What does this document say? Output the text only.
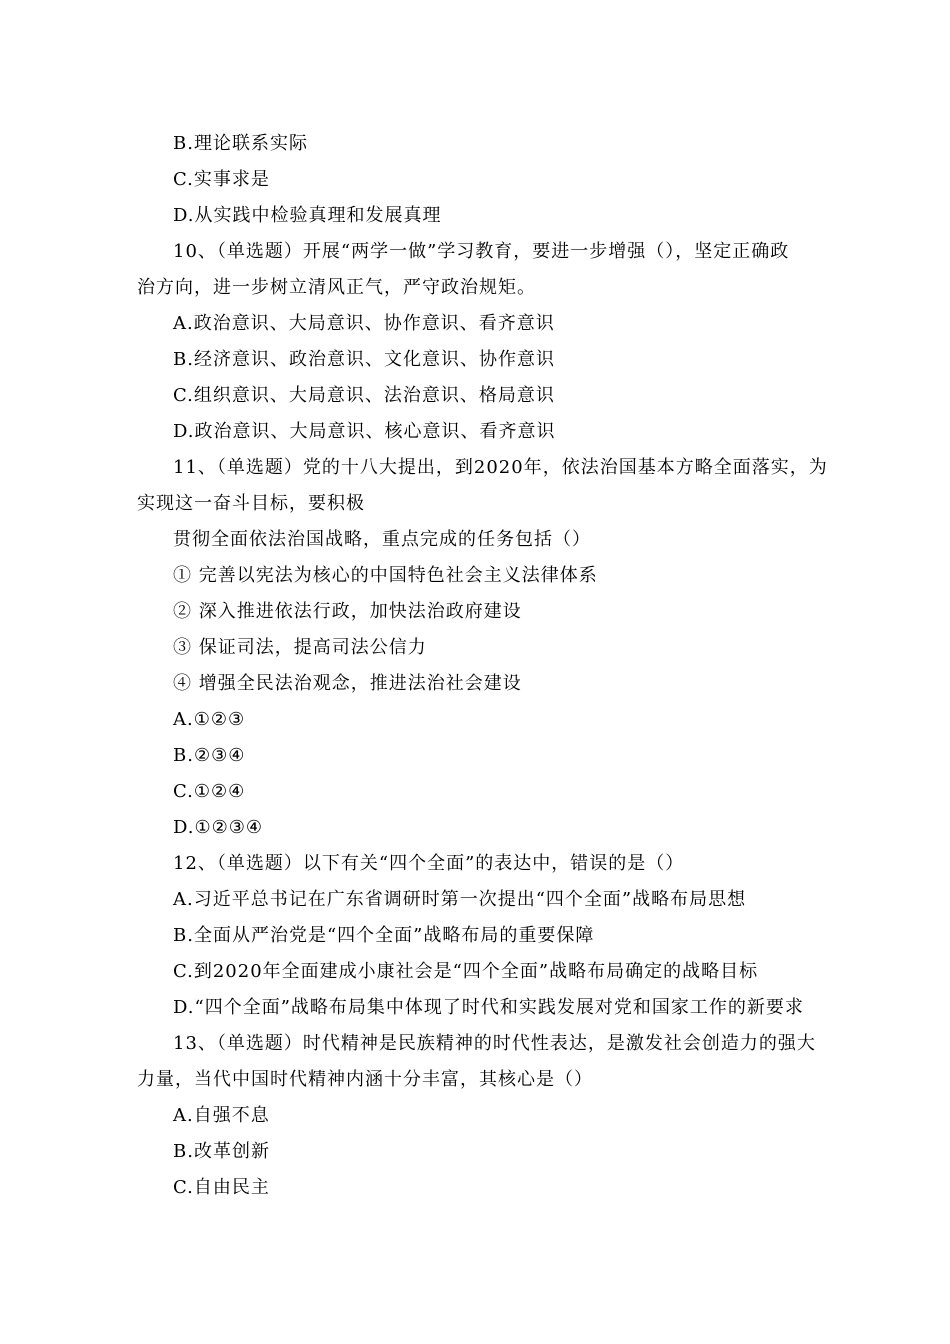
B.理论联系实际
C.实事求是
D.从实践中检验真理和发展真理
10、（单选题）开展“两学一做”学习教育，要进一步增强（），坚定正确政
治方向，进一步树立清风正气，严守政治规矩。
A.政治意识、大局意识、协作意识、看齐意识
B.经济意识、政治意识、文化意识、协作意识
C.组织意识、大局意识、法治意识、格局意识
D.政治意识、大局意识、核心意识、看齐意识
11、（单选题）党的十八大提出，到2020年，依法治国基本方略全面落实，为
实现这一奋斗目标，要积极
贯彻全面依法治国战略，重点完成的任务包括（）
① 完善以宪法为核心的中国特色社会主义法律体系
② 深入推进依法行政，加快法治政府建设
③ 保证司法，提高司法公信力
④ 增强全民法治观念，推进法治社会建设
A.①②③
B.②③④
C.①②④
D.①②③④
12、（单选题）以下有关“四个全面”的表达中，错误的是（）
A.习近平总书记在广东省调研时第一次提出“四个全面”战略布局思想
B.全面从严治党是“四个全面”战略布局的重要保障
C.到2020年全面建成小康社会是“四个全面”战略布局确定的战略目标
D.“四个全面”战略布局集中体现了时代和实践发展对党和国家工作的新要求
13、（单选题）时代精神是民族精神的时代性表达，是激发社会创造力的强大
力量，当代中国时代精神内涵十分丰富，其核心是（）
A.自强不息
B.改革创新
C.自由民主
